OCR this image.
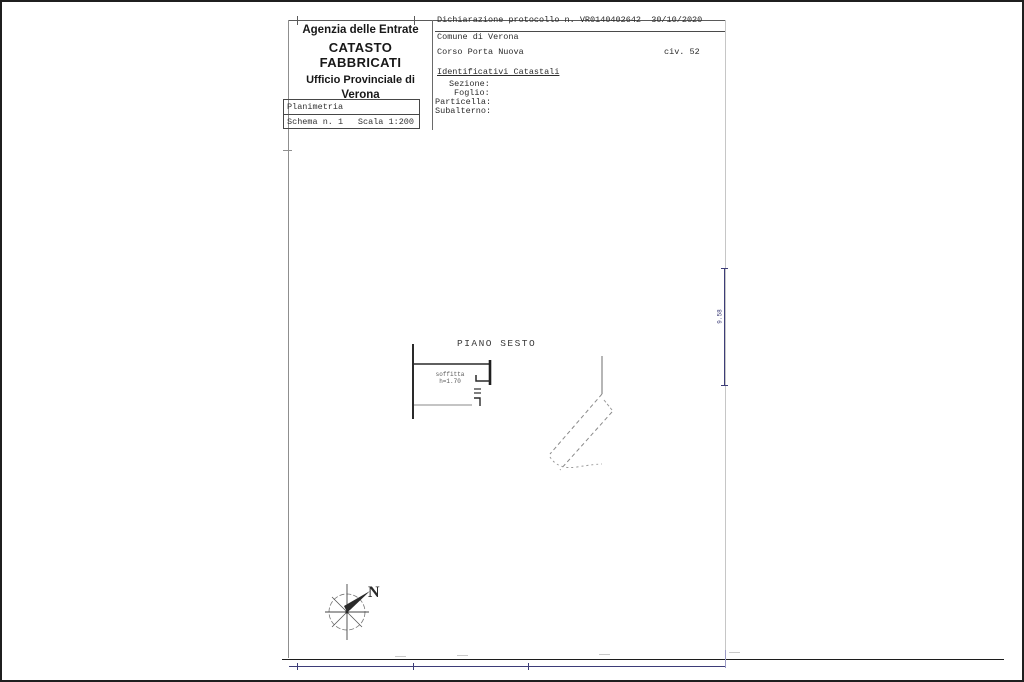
Agenzia delle Entrate
CATASTO FABBRICATI
Ufficio Provinciale di
Verona
Planimetria
Schema n. 1 Scala 1:200
Dichiarazione protocollo n. VR0140402642  30/10/2020
Comune di Verona
Corso Porta Nuova	civ. 52
Identificativi Catastali
Sezione:
Foglio:
Particella:
Subalterno:
PIANO SESTO
soffitta
h=1.70
N
9.58
